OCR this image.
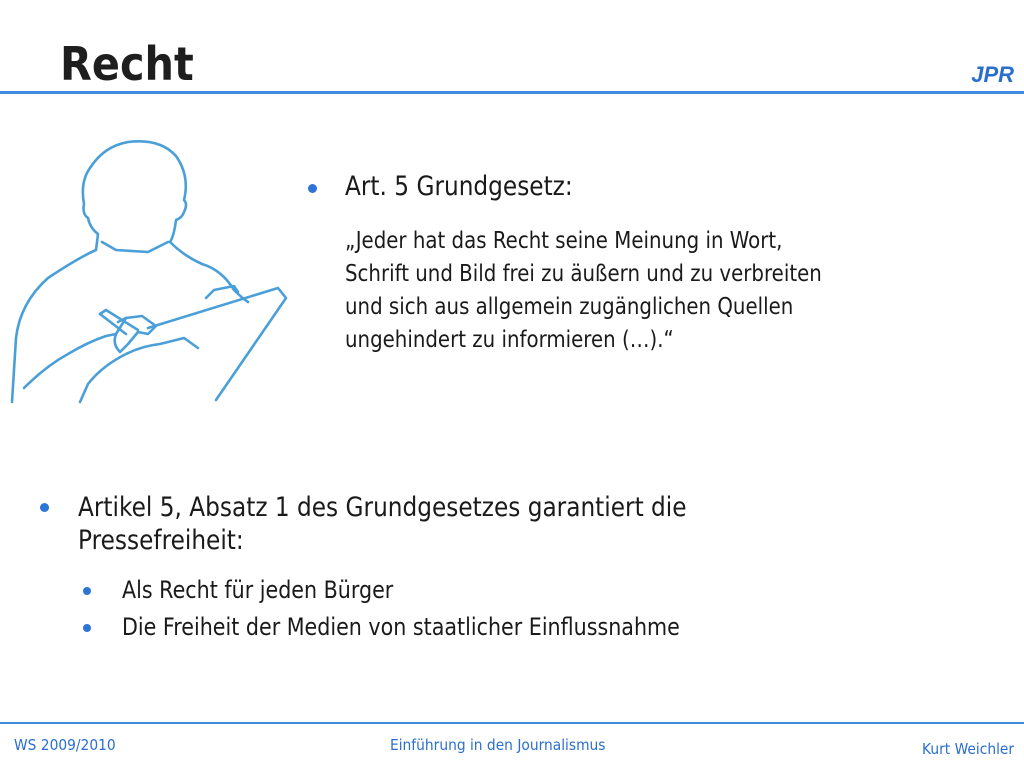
Recht	JPR
Art. 5 Grundgesetz:
„Jeder hat das Recht seine Meinung in Wort,
Schrift und Bild frei zu äußern und zu verbreiten
und sich aus allgemein zugänglichen Quellen
ungehindert zu informieren (…).“
Artikel 5, Absatz 1 des Grundgesetzes garantiert die
Pressefreiheit:
Als Recht für jeden Bürger
Die Freiheit der Medien von staatlicher Einflussnahme
WS 2009/2010	Einführung in den Journalismus	Kurt Weichler
